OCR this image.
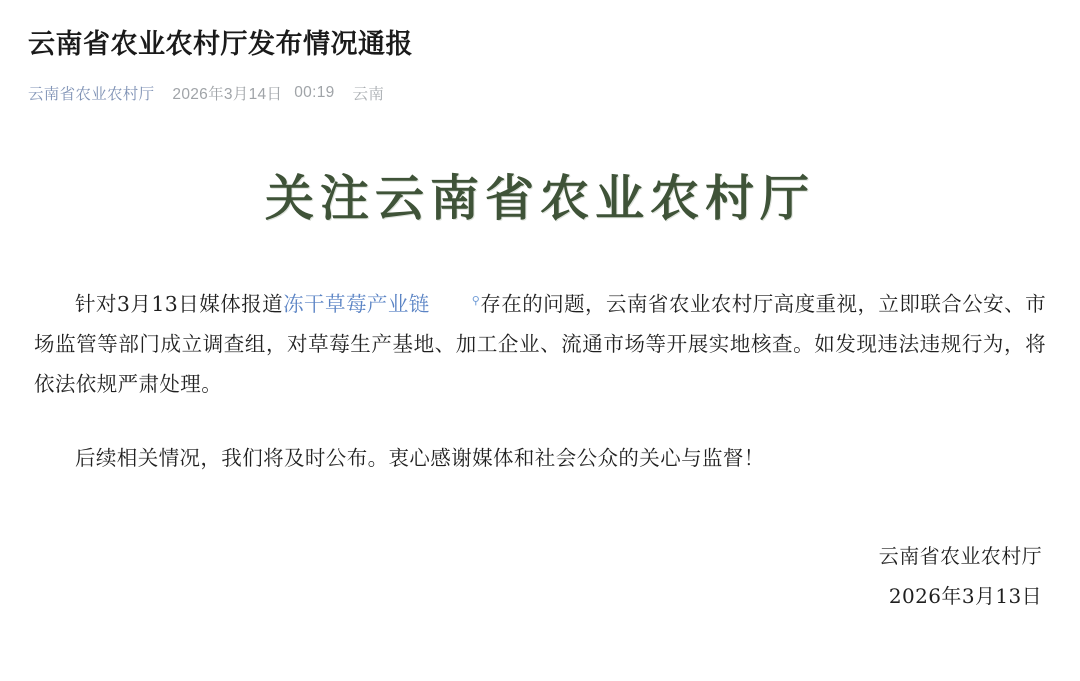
云南省农业农村厅发布情况通报
云南省农业农村厅 2026年3月14日 00:19 云南
关注云南省农业农村厅

针对3月13日媒体报道冻干草莓产业链	⚲存在的问题，云南省农业农村厅高度重视，立即联合公安、市场监管等部门成立调查组，对草莓生产基地、加工企业、流通市场等开展实地核查。如发现违法违规行为，将依法依规严肃处理。

后续相关情况，我们将及时公布。衷心感谢媒体和社会公众的关心与监督！

云南省农业农村厅
2026年3月13日
